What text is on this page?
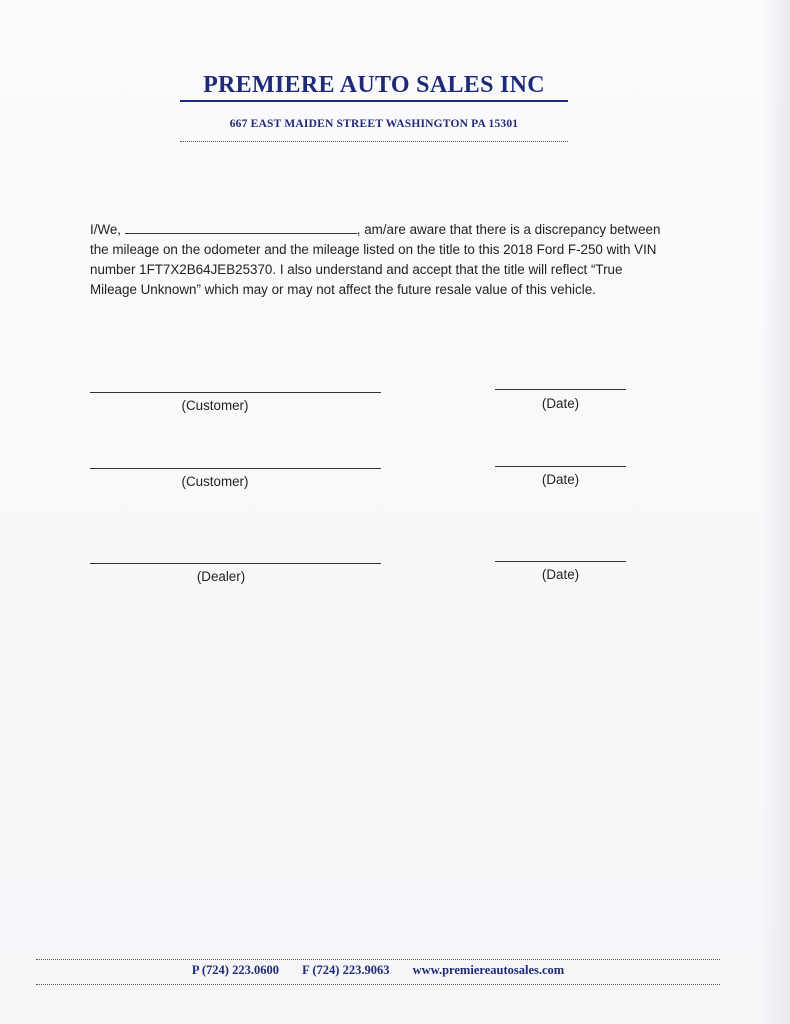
PREMIERE AUTO SALES INC

667 EAST MAIDEN STREET WASHINGTON PA 15301

I/We,	, am/are aware that there is a discrepancy between
the mileage on the odometer and the mileage listed on the title to this 2018 Ford F-250 with VIN
number 1FT7X2B64JEB25370. I also understand and accept that the title will reflect “True
Mileage Unknown” which may or may not affect the future resale value of this vehicle.

(Customer)	(Date)
(Customer)	(Date)
(Dealer)	(Date)

P (724) 223.0600 F (724) 223.9063 www.premiereautosales.com
